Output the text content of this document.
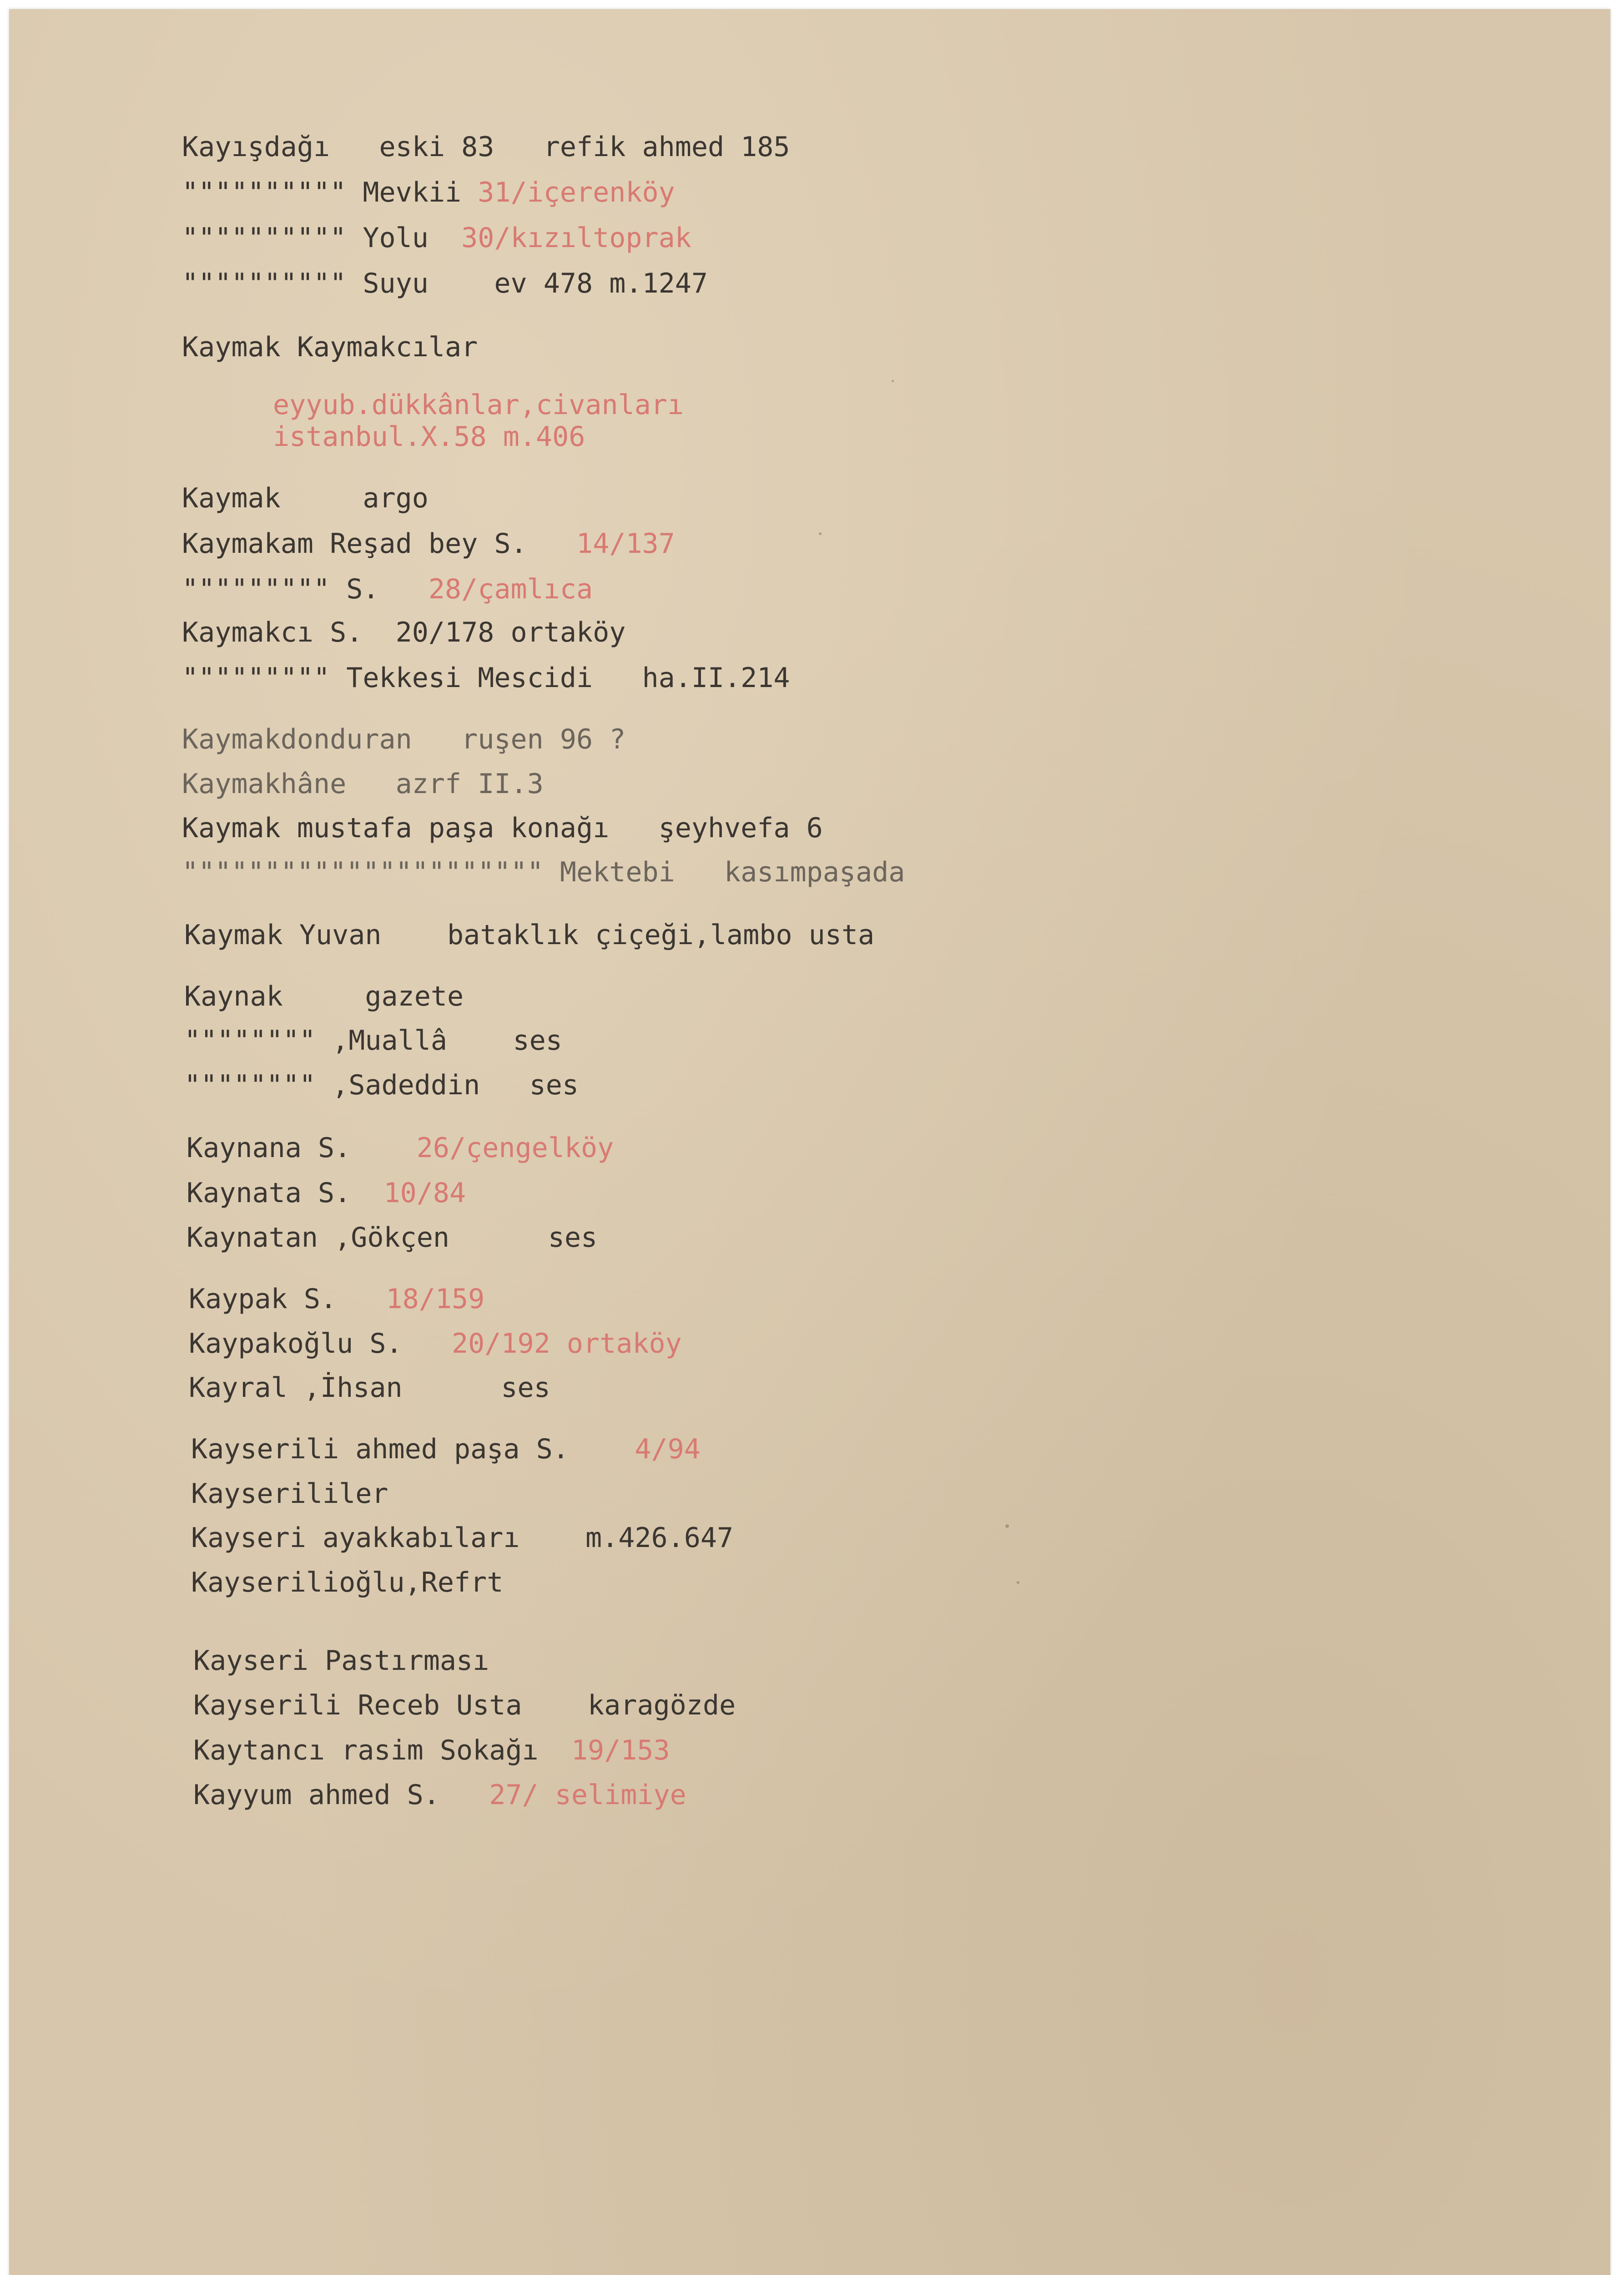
Kayışdağı   eski 83   refik ahmed 185
"""""""""" Mevkii 31/içerenköy
"""""""""" Yolu  30/kızıltoprak
"""""""""" Suyu    ev 478 m.1247
Kaymak Kaymakcılar
eyyub.dükkânlar,civanları
istanbul.X.58 m.406
Kaymak     argo
Kaymakam Reşad bey S.   14/137
""""""""" S.   28/çamlıca
Kaymakcı S.  20/178 ortaköy
""""""""" Tekkesi Mescidi   ha.II.214
Kaymakdonduran   ruşen 96 ?
Kaymakhâne   azrf II.3
Kaymak mustafa paşa konağı   şeyhvefa 6
"""""""""""""""""""""" Mektebi   kasımpaşada
Kaymak Yuvan    bataklık çiçeği,lambo usta
Kaynak     gazete
"""""""" ,Muallâ    ses
"""""""" ,Sadeddin   ses
Kaynana S.    26/çengelköy
Kaynata S.  10/84
Kaynatan ,Gökçen      ses
Kaypak S.   18/159
Kaypakoğlu S.   20/192 ortaköy
Kayral ,İhsan      ses
Kayserili ahmed paşa S.    4/94
Kayserililer
Kayseri ayakkabıları    m.426.647
Kayserilioğlu,Refrt
Kayseri Pastırması
Kayserili Receb Usta    karagözde
Kaytancı rasim Sokağı  19/153
Kayyum ahmed S.   27/ selimiye
